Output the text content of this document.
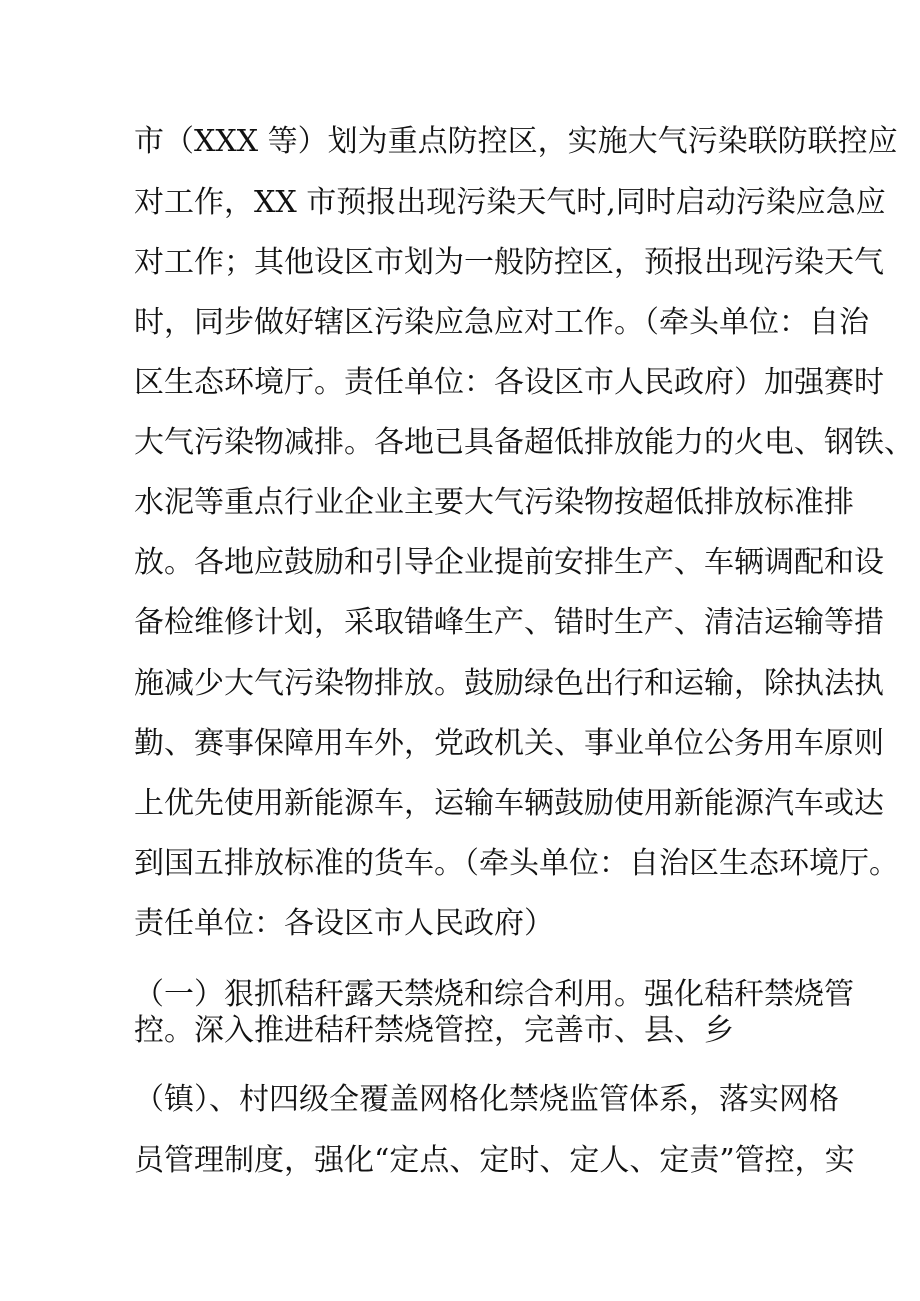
市（XXX 等）划为重点防控区，实施大气污染联防联控应
对工作，XX 市预报出现污染天气时,同时启动污染应急应
对工作；其他设区市划为一般防控区，预报出现污染天气
时，同步做好辖区污染应急应对工作。（牵头单位：自治
区生态环境厅。责任单位：各设区市人民政府）加强赛时
大气污染物减排。各地已具备超低排放能力的火电、钢铁、
水泥等重点行业企业主要大气污染物按超低排放标准排
放。各地应鼓励和引导企业提前安排生产、车辆调配和设
备检维修计划，采取错峰生产、错时生产、清洁运输等措
施减少大气污染物排放。鼓励绿色出行和运输，除执法执
勤、赛事保障用车外，党政机关、事业单位公务用车原则
上优先使用新能源车，运输车辆鼓励使用新能源汽车或达
到国五排放标准的货车。（牵头单位：自治区生态环境厅。
责任单位：各设区市人民政府）
（一）狠抓秸秆露天禁烧和综合利用。强化秸秆禁烧管
控。深入推进秸秆禁烧管控，完善市、县、乡
（镇）、村四级全覆盖网格化禁烧监管体系，落实网格
员管理制度，强化“定点、定时、定人、定责”管控，实
